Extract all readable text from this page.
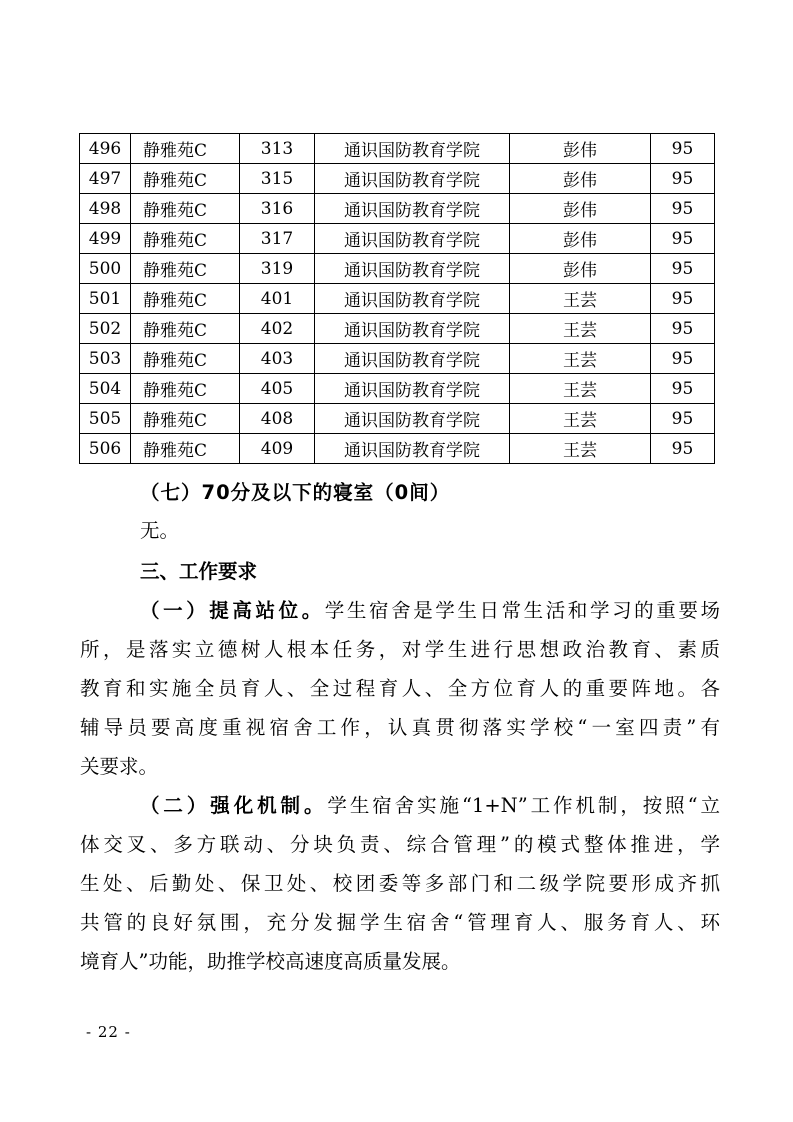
496	静雅苑C	313	通识国防教育学院	彭伟	95
497	静雅苑C	315	通识国防教育学院	彭伟	95
498	静雅苑C	316	通识国防教育学院	彭伟	95
499	静雅苑C	317	通识国防教育学院	彭伟	95
500	静雅苑C	319	通识国防教育学院	彭伟	95
501	静雅苑C	401	通识国防教育学院	王芸	95
502	静雅苑C	402	通识国防教育学院	王芸	95
503	静雅苑C	403	通识国防教育学院	王芸	95
504	静雅苑C	405	通识国防教育学院	王芸	95
505	静雅苑C	408	通识国防教育学院	王芸	95
506	静雅苑C	409	通识国防教育学院	王芸	95
（七）70分及以下的寝室（0间）
无。
三、工作要求
（一）提高站位。学生宿舍是学生日常生活和学习的重要场
所，是落实立德树人根本任务，对学生进行思想政治教育、素质
教育和实施全员育人、全过程育人、全方位育人的重要阵地。各
辅导员要高度重视宿舍工作，认真贯彻落实学校“一室四责”有
关要求。
（二）强化机制。学生宿舍实施“1+N”工作机制，按照“立
体交叉、多方联动、分块负责、综合管理”的模式整体推进，学
生处、后勤处、保卫处、校团委等多部门和二级学院要形成齐抓
共管的良好氛围，充分发掘学生宿舍“管理育人、服务育人、环
境育人”功能，助推学校高速度高质量发展。
- 22 -
